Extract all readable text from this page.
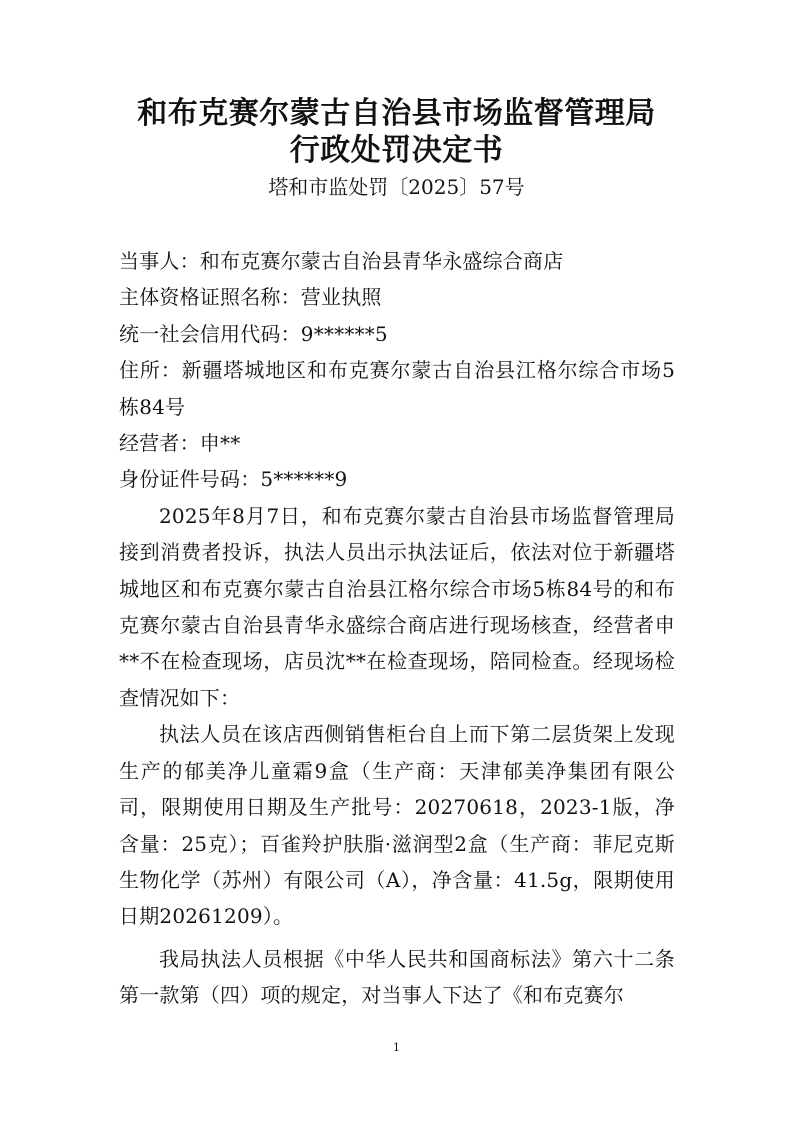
和布克赛尔蒙古自治县市场监督管理局
行政处罚决定书
塔和市监处罚〔2025〕57号

当事人：和布克赛尔蒙古自治县青华永盛综合商店

主体资格证照名称：营业执照

统一社会信用代码：9******5

住所：新疆塔城地区和布克赛尔蒙古自治县江格尔综合市场5栋84号

经营者：申**

身份证件号码：5******9

2025年8月7日，和布克赛尔蒙古自治县市场监督管理局接到消费者投诉，执法人员出示执法证后，依法对位于新疆塔城地区和布克赛尔蒙古自治县江格尔综合市场5栋84号的和布克赛尔蒙古自治县青华永盛综合商店进行现场核查，经营者申**不在检查现场，店员沈**在检查现场，陪同检查。经现场检查情况如下：

执法人员在该店西侧销售柜台自上而下第二层货架上发现生产的郁美净儿童霜9盒（生产商：天津郁美净集团有限公司，限期使用日期及生产批号：20270618，2023-1版，净含量：25克）；百雀羚护肤脂·滋润型2盒（生产商：菲尼克斯生物化学（苏州）有限公司（A），净含量：41.5g，限期使用日期20261209）。

我局执法人员根据《中华人民共和国商标法》第六十二条第一款第（四）项的规定，对当事人下达了《和布克赛尔

1
